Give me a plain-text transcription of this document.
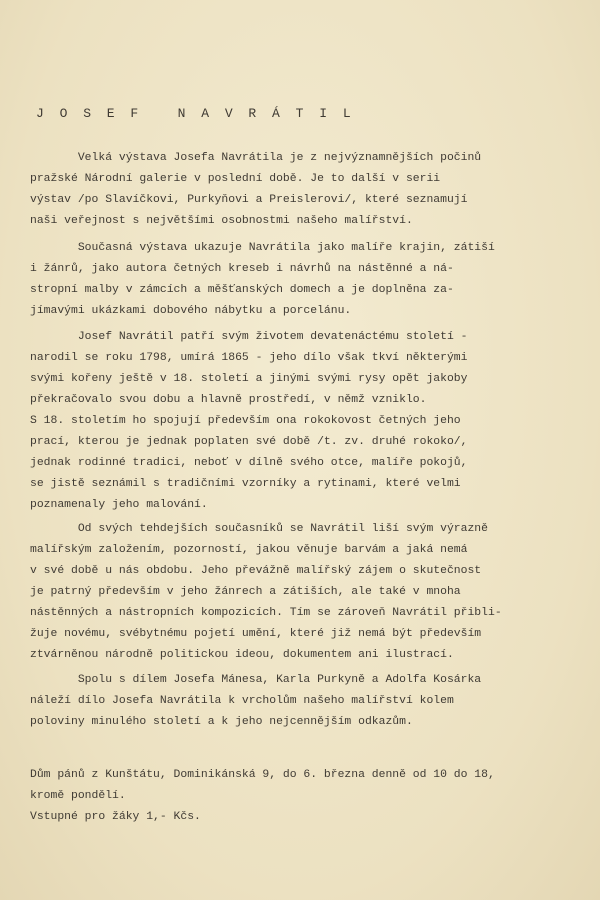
J O S E F   N A V R Á T I L
Velká výstava Josefa Navrátila je z nejvýznamnějších počinů
pražské Národní galerie v poslední době. Je to další v serii
výstav /po Slavíčkovi, Purkyňovi a Preislerovi/, které seznamují
naši veřejnost s největšími osobnostmi našeho malířství.
Současná výstava ukazuje Navrátila jako malíře krajin, zátiší
i žánrů, jako autora četných kreseb i návrhů na nástěnné a ná-
stropní malby v zámcích a měšťanských domech a je doplněna za-
jímavými ukázkami dobového nábytku a porcelánu.
Josef Navrátil patří svým životem devatenáctému století -
narodil se roku 1798, umírá 1865 - jeho dílo však tkví některými
svými kořeny ještě v 18. století a jinými svými rysy opět jakoby
překračovalo svou dobu a hlavně prostředí, v němž vzniklo.
S 18. stoletím ho spojují především ona rokokovost četných jeho
prací, kterou je jednak poplaten své době /t. zv. druhé rokoko/,
jednak rodinné tradici, neboť v dílně svého otce, malíře pokojů,
se jistě seznámil s tradičními vzorníky a rytinami, které velmi
poznamenaly jeho malování.
Od svých tehdejších současníků se Navrátil liší svým výrazně
malířským založením, pozorností, jakou věnuje barvám a jaká nemá
v své době u nás obdobu. Jeho převážně malířský zájem o skutečnost
je patrný především v jeho žánrech a zátiších, ale také v mnoha
nástěnných a nástropních kompozicích. Tím se zároveň Navrátil přibli-
žuje novému, svébytnému pojetí umění, které již nemá být především
ztvárněnou národně politickou ideou, dokumentem ani ilustrací.
Spolu s dílem Josefa Mánesa, Karla Purkyně a Adolfa Kosárka
náleží dílo Josefa Navrátila k vrcholům našeho malířství kolem
poloviny minulého století a k jeho nejcennějším odkazům.
Dům pánů z Kunštátu, Dominikánská 9, do 6. března denně od 10 do 18,
kromě pondělí.
Vstupné pro žáky 1,- Kčs.
